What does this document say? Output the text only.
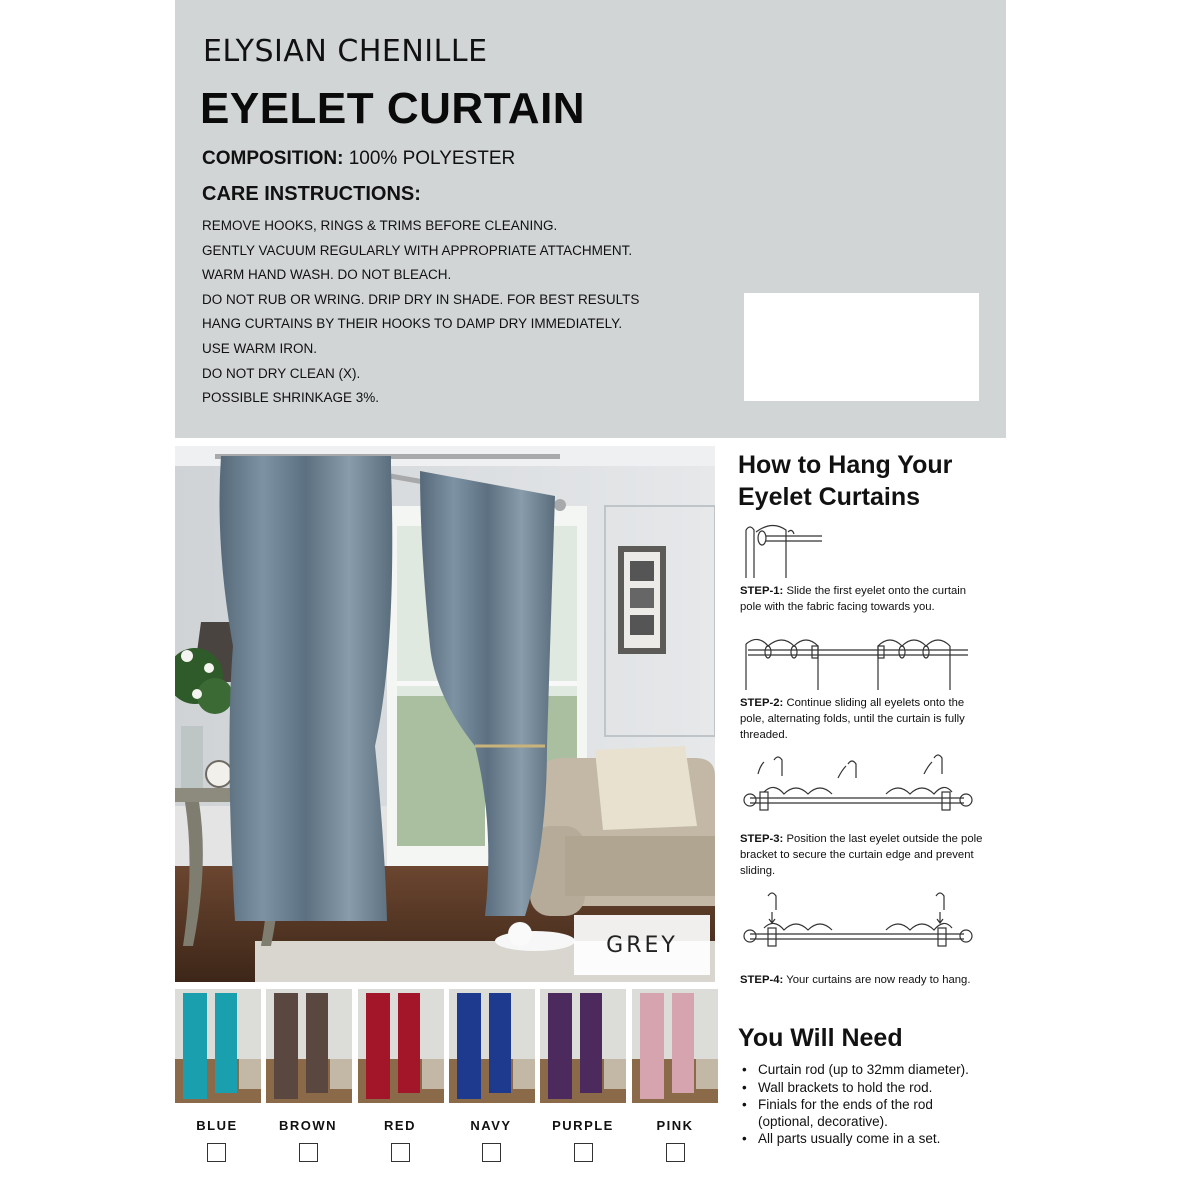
ELYSIAN CHENILLE
EYELET CURTAIN
COMPOSITION: 100% POLYESTER
CARE INSTRUCTIONS:
REMOVE HOOKS, RINGS & TRIMS BEFORE CLEANING.
GENTLY VACUUM REGULARLY WITH APPROPRIATE ATTACHMENT.
WARM HAND WASH. DO NOT BLEACH.
DO NOT RUB OR WRING. DRIP DRY IN SHADE. FOR BEST RESULTS
HANG CURTAINS BY THEIR HOOKS TO DAMP DRY IMMEDIATELY.
USE WARM IRON.
DO NOT DRY CLEAN (X).
POSSIBLE SHRINKAGE 3%.
GREY
BLUE	BROWN	RED	NAVY	PURPLE	PINK
How to Hang Your
Eyelet Curtains
STEP-1: Slide the first eyelet onto the curtain pole with the fabric facing towards you.
STEP-2: Continue sliding all eyelets onto the pole, alternating folds, until the curtain is fully threaded.
STEP-3: Position the last eyelet outside the pole bracket to secure the curtain edge and prevent sliding.
STEP-4: Your curtains are now ready to hang.
You Will Need
• Curtain rod (up to 32mm diameter).
• Wall brackets to hold the rod.
• Finials for the ends of the rod (optional, decorative).
• All parts usually come in a set.
